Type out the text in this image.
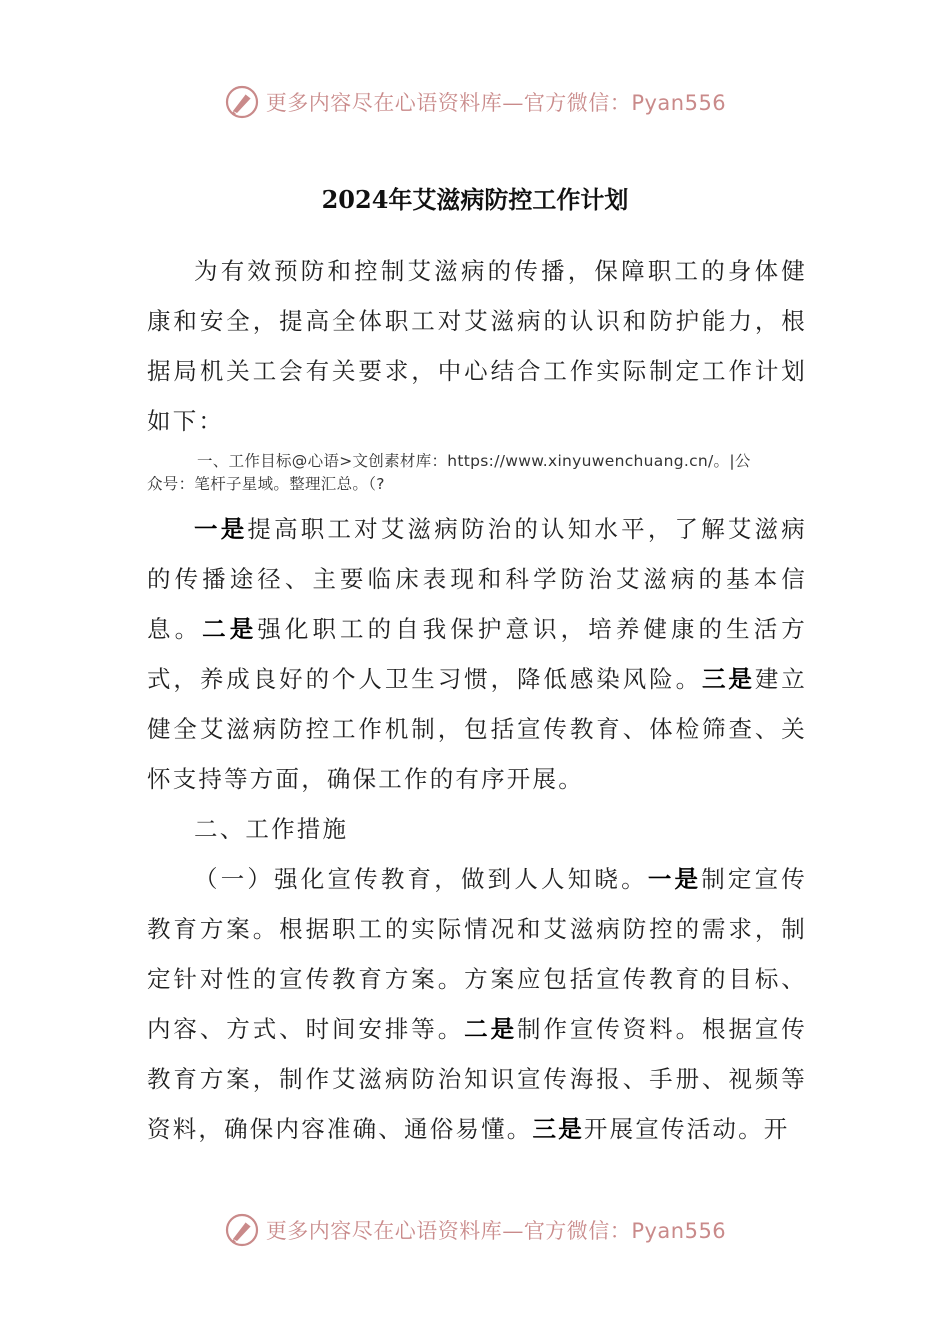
更多内容尽在心语资料库—官方微信：Pyan556
2024年艾滋病防控工作计划

为有效预防和控制艾滋病的传播，保障职工的身体健康和安全，提高全体职工对艾滋病的认识和防护能力，根据局机关工会有关要求，中心结合工作实际制定工作计划如下：

一、工作目标@心语>文创素材库：https://www.xinyuwenchuang.cn/。|公
众号：笔杆子星域。整理汇总。（?

一是提高职工对艾滋病防治的认知水平，了解艾滋病的传播途径、主要临床表现和科学防治艾滋病的基本信息。二是强化职工的自我保护意识，培养健康的生活方式，养成良好的个人卫生习惯，降低感染风险。三是建立健全艾滋病防控工作机制，包括宣传教育、体检筛查、关怀支持等方面，确保工作的有序开展。

二、工作措施

（一）强化宣传教育，做到人人知晓。一是制定宣传教育方案。根据职工的实际情况和艾滋病防控的需求，制定针对性的宣传教育方案。方案应包括宣传教育的目标、内容、方式、时间安排等。二是制作宣传资料。根据宣传教育方案，制作艾滋病防治知识宣传海报、手册、视频等资料，确保内容准确、通俗易懂。三是开展宣传活动。开

更多内容尽在心语资料库—官方微信：Pyan556
